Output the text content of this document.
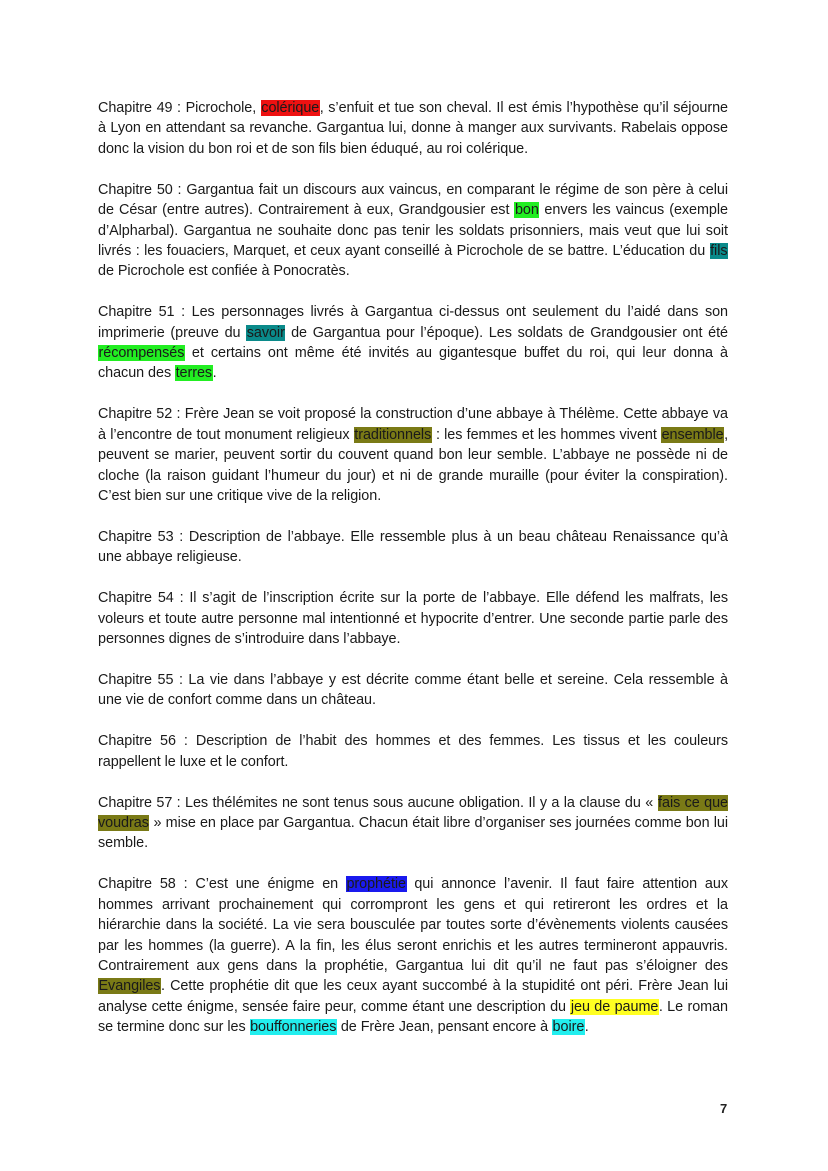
Chapitre 49 : Picrochole, colérique, s’enfuit et tue son cheval. Il est émis l’hypothèse qu’il séjourne à Lyon en attendant sa revanche. Gargantua lui, donne à manger aux survivants. Rabelais oppose donc la vision du bon roi et de son fils bien éduqué, au roi colérique.

Chapitre 50 : Gargantua fait un discours aux vaincus, en comparant le régime de son père à celui de César (entre autres). Contrairement à eux, Grandgousier est bon envers les vaincus (exemple d’Alpharbal). Gargantua ne souhaite donc pas tenir les soldats prisonniers, mais veut que lui soit livrés : les fouaciers, Marquet, et ceux ayant conseillé à Picrochole de se battre. L’éducation du fils de Picrochole est confiée à Ponocratès.

Chapitre 51 : Les personnages livrés à Gargantua ci-dessus ont seulement du l’aidé dans son imprimerie (preuve du savoir de Gargantua pour l’époque). Les soldats de Grandgousier ont été récompensés et certains ont même été invités au gigantesque buffet du roi, qui leur donna à chacun des terres.

Chapitre 52 : Frère Jean se voit proposé la construction d’une abbaye à Thélème. Cette abbaye va à l’encontre de tout monument religieux traditionnels : les femmes et les hommes vivent ensemble, peuvent se marier, peuvent sortir du couvent quand bon leur semble. L’abbaye ne possède ni de cloche (la raison guidant l’humeur du jour) et ni de grande muraille (pour éviter la conspiration). C’est bien sur une critique vive de la religion.

Chapitre 53 : Description de l’abbaye. Elle ressemble plus à un beau château Renaissance qu’à une abbaye religieuse.

Chapitre 54 : Il s’agit de l’inscription écrite sur la porte de l’abbaye. Elle défend les malfrats, les voleurs et toute autre personne mal intentionné et hypocrite d’entrer. Une seconde partie parle des personnes dignes de s’introduire dans l’abbaye.

Chapitre 55 : La vie dans l’abbaye y est décrite comme étant belle et sereine. Cela ressemble à une vie de confort comme dans un château.

Chapitre 56 : Description de l’habit des hommes et des femmes. Les tissus et les couleurs rappellent le luxe et le confort.

Chapitre 57 : Les thélémites ne sont tenus sous aucune obligation. Il y a la clause du « fais ce que voudras » mise en place par Gargantua. Chacun était libre d’organiser ses journées comme bon lui semble.

Chapitre 58 : C’est une énigme en prophétie qui annonce l’avenir. Il faut faire attention aux hommes arrivant prochainement qui corrompront les gens et qui retireront les ordres et la hiérarchie dans la société. La vie sera bousculée par toutes sorte d’évènements violents causées par les hommes (la guerre). A la fin, les élus seront enrichis et les autres termineront appauvris. Contrairement aux gens dans la prophétie, Gargantua lui dit qu’il ne faut pas s’éloigner des Evangiles. Cette prophétie dit que les ceux ayant succombé à la stupidité ont péri. Frère Jean lui analyse cette énigme, sensée faire peur, comme étant une description du jeu de paume. Le roman se termine donc sur les bouffonneries de Frère Jean, pensant encore à boire.

7
